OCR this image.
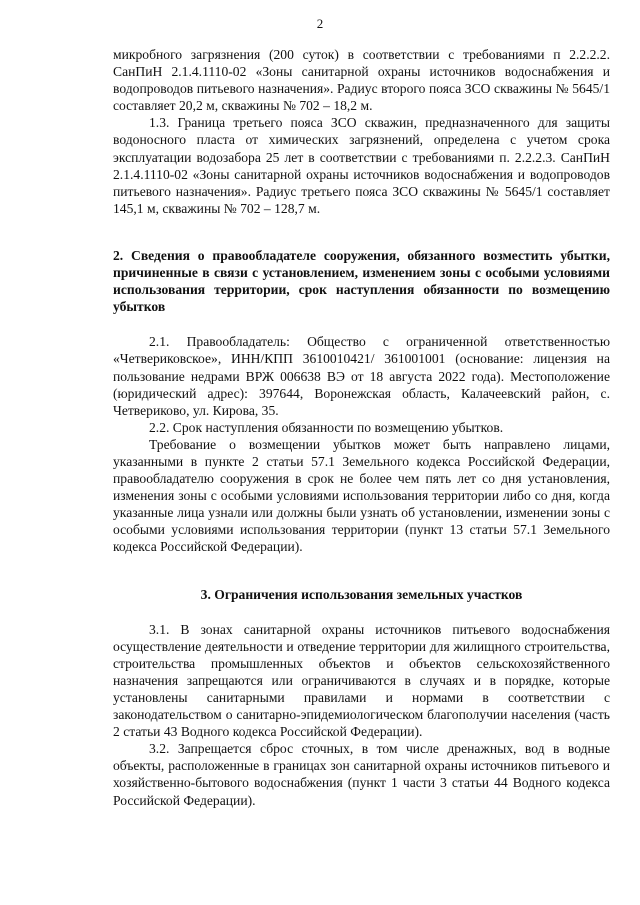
2

микробного загрязнения (200 суток) в соответствии с требованиями п 2.2.2.2. СанПиН 2.1.4.1110-02 «Зоны санитарной охраны источников водоснабжения и водопроводов питьевого назначения». Радиус второго пояса ЗСО скважины № 5645/1 составляет 20,2 м, скважины № 702 – 18,2 м.

1.3. Граница третьего пояса ЗСО скважин, предназначенного для защиты водоносного пласта от химических загрязнений, определена с учетом срока эксплуатации водозабора 25 лет в соответствии с требованиями п. 2.2.2.3. СанПиН 2.1.4.1110-02 «Зоны санитарной охраны источников водоснабжения и водопроводов питьевого назначения». Радиус третьего пояса ЗСО скважины № 5645/1 составляет 145,1 м, скважины № 702 – 128,7 м.

2. Сведения о правообладателе сооружения, обязанного возместить убытки, причиненные в связи с установлением, изменением зоны с особыми условиями использования территории, срок наступления обязанности по возмещению убытков

2.1. Правообладатель: Общество с ограниченной ответственностью «Четвериковское», ИНН/КПП 3610010421/ 361001001 (основание: лицензия на пользование недрами ВРЖ 006638 ВЭ от 18 августа 2022 года). Местоположение (юридический адрес): 397644, Воронежская область, Калачеевский район, с. Четвериково, ул. Кирова, 35.

2.2. Срок наступления обязанности по возмещению убытков.

Требование о возмещении убытков может быть направлено лицами, указанными в пункте 2 статьи 57.1 Земельного кодекса Российской Федерации, правообладателю сооружения в срок не более чем пять лет со дня установления, изменения зоны с особыми условиями использования территории либо со дня, когда указанные лица узнали или должны были узнать об установлении, изменении зоны с особыми условиями использования территории (пункт 13 статьи 57.1 Земельного кодекса Российской Федерации).

3. Ограничения использования земельных участков

3.1. В зонах санитарной охраны источников питьевого водоснабжения осуществление деятельности и отведение территории для жилищного строительства, строительства промышленных объектов и объектов сельскохозяйственного назначения запрещаются или ограничиваются в случаях и в порядке, которые установлены санитарными правилами и нормами в соответствии с законодательством о санитарно-эпидемиологическом благополучии населения (часть 2 статьи 43 Водного кодекса Российской Федерации).

3.2. Запрещается сброс сточных, в том числе дренажных, вод в водные объекты, расположенные в границах зон санитарной охраны источников питьевого и хозяйственно-бытового водоснабжения (пункт 1 части 3 статьи 44 Водного кодекса Российской Федерации).
